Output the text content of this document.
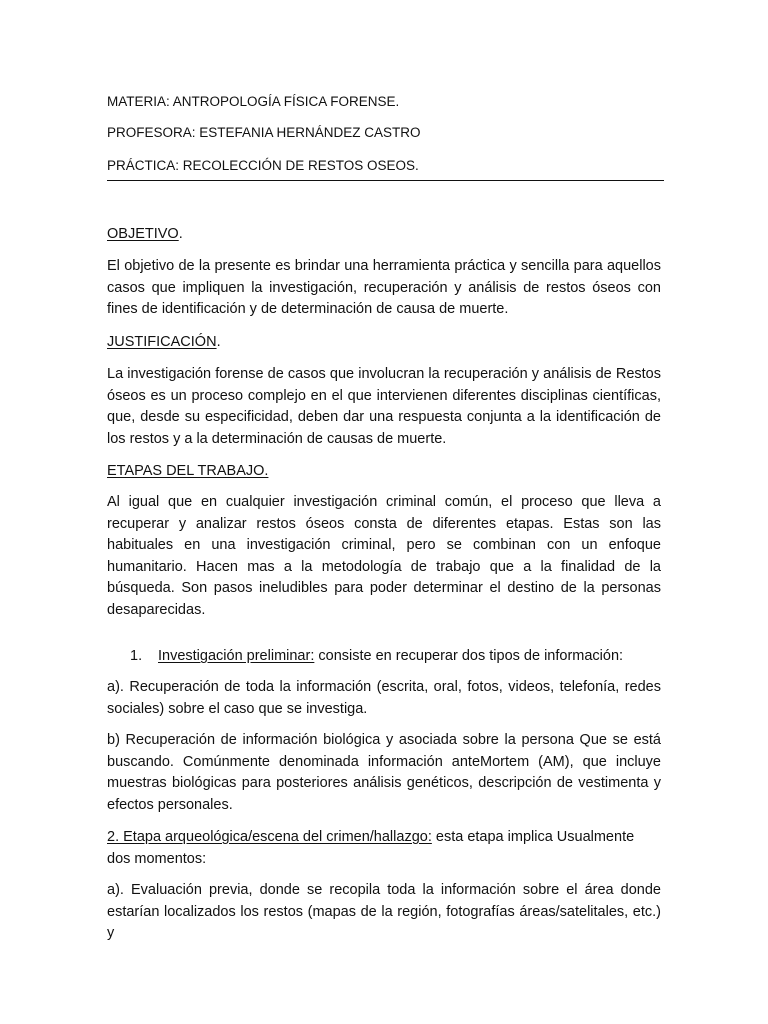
MATERIA: ANTROPOLOGÍA FÍSICA FORENSE.
PROFESORA: ESTEFANIA HERNÁNDEZ CASTRO
PRÁCTICA: RECOLECCIÓN DE RESTOS OSEOS.
OBJETIVO.
El objetivo de la presente es brindar una herramienta práctica y sencilla para aquellos casos que impliquen la investigación, recuperación y análisis de restos óseos con fines de identificación y de determinación de causa de muerte.
JUSTIFICACIÓN.
La investigación forense de casos que involucran la recuperación y análisis de Restos óseos es un proceso complejo en el que intervienen diferentes disciplinas científicas, que, desde su especificidad, deben dar una respuesta conjunta a la identificación de los restos y a la determinación de causas de muerte.
ETAPAS DEL TRABAJO.
Al igual que en cualquier investigación criminal común, el proceso que lleva a recuperar y analizar restos óseos consta de diferentes etapas. Estas son las habituales en una investigación criminal, pero se combinan con un enfoque humanitario. Hacen mas a la metodología de trabajo que a la finalidad de la búsqueda. Son pasos ineludibles para poder determinar el destino de la personas desaparecidas.
1. Investigación preliminar: consiste en recuperar dos tipos de información:
a). Recuperación de toda la información (escrita, oral, fotos, videos, telefonía, redes sociales) sobre el caso que se investiga.
b) Recuperación de información biológica y asociada sobre la persona Que se está buscando. Comúnmente denominada información anteMortem (AM), que incluye muestras biológicas para posteriores análisis genéticos, descripción de vestimenta y efectos personales.
2. Etapa arqueológica/escena del crimen/hallazgo: esta etapa implica Usualmente dos momentos:
a). Evaluación previa, donde se recopila toda la información sobre el área donde estarían localizados los restos (mapas de la región, fotografías áreas/satelitales, etc.) y
